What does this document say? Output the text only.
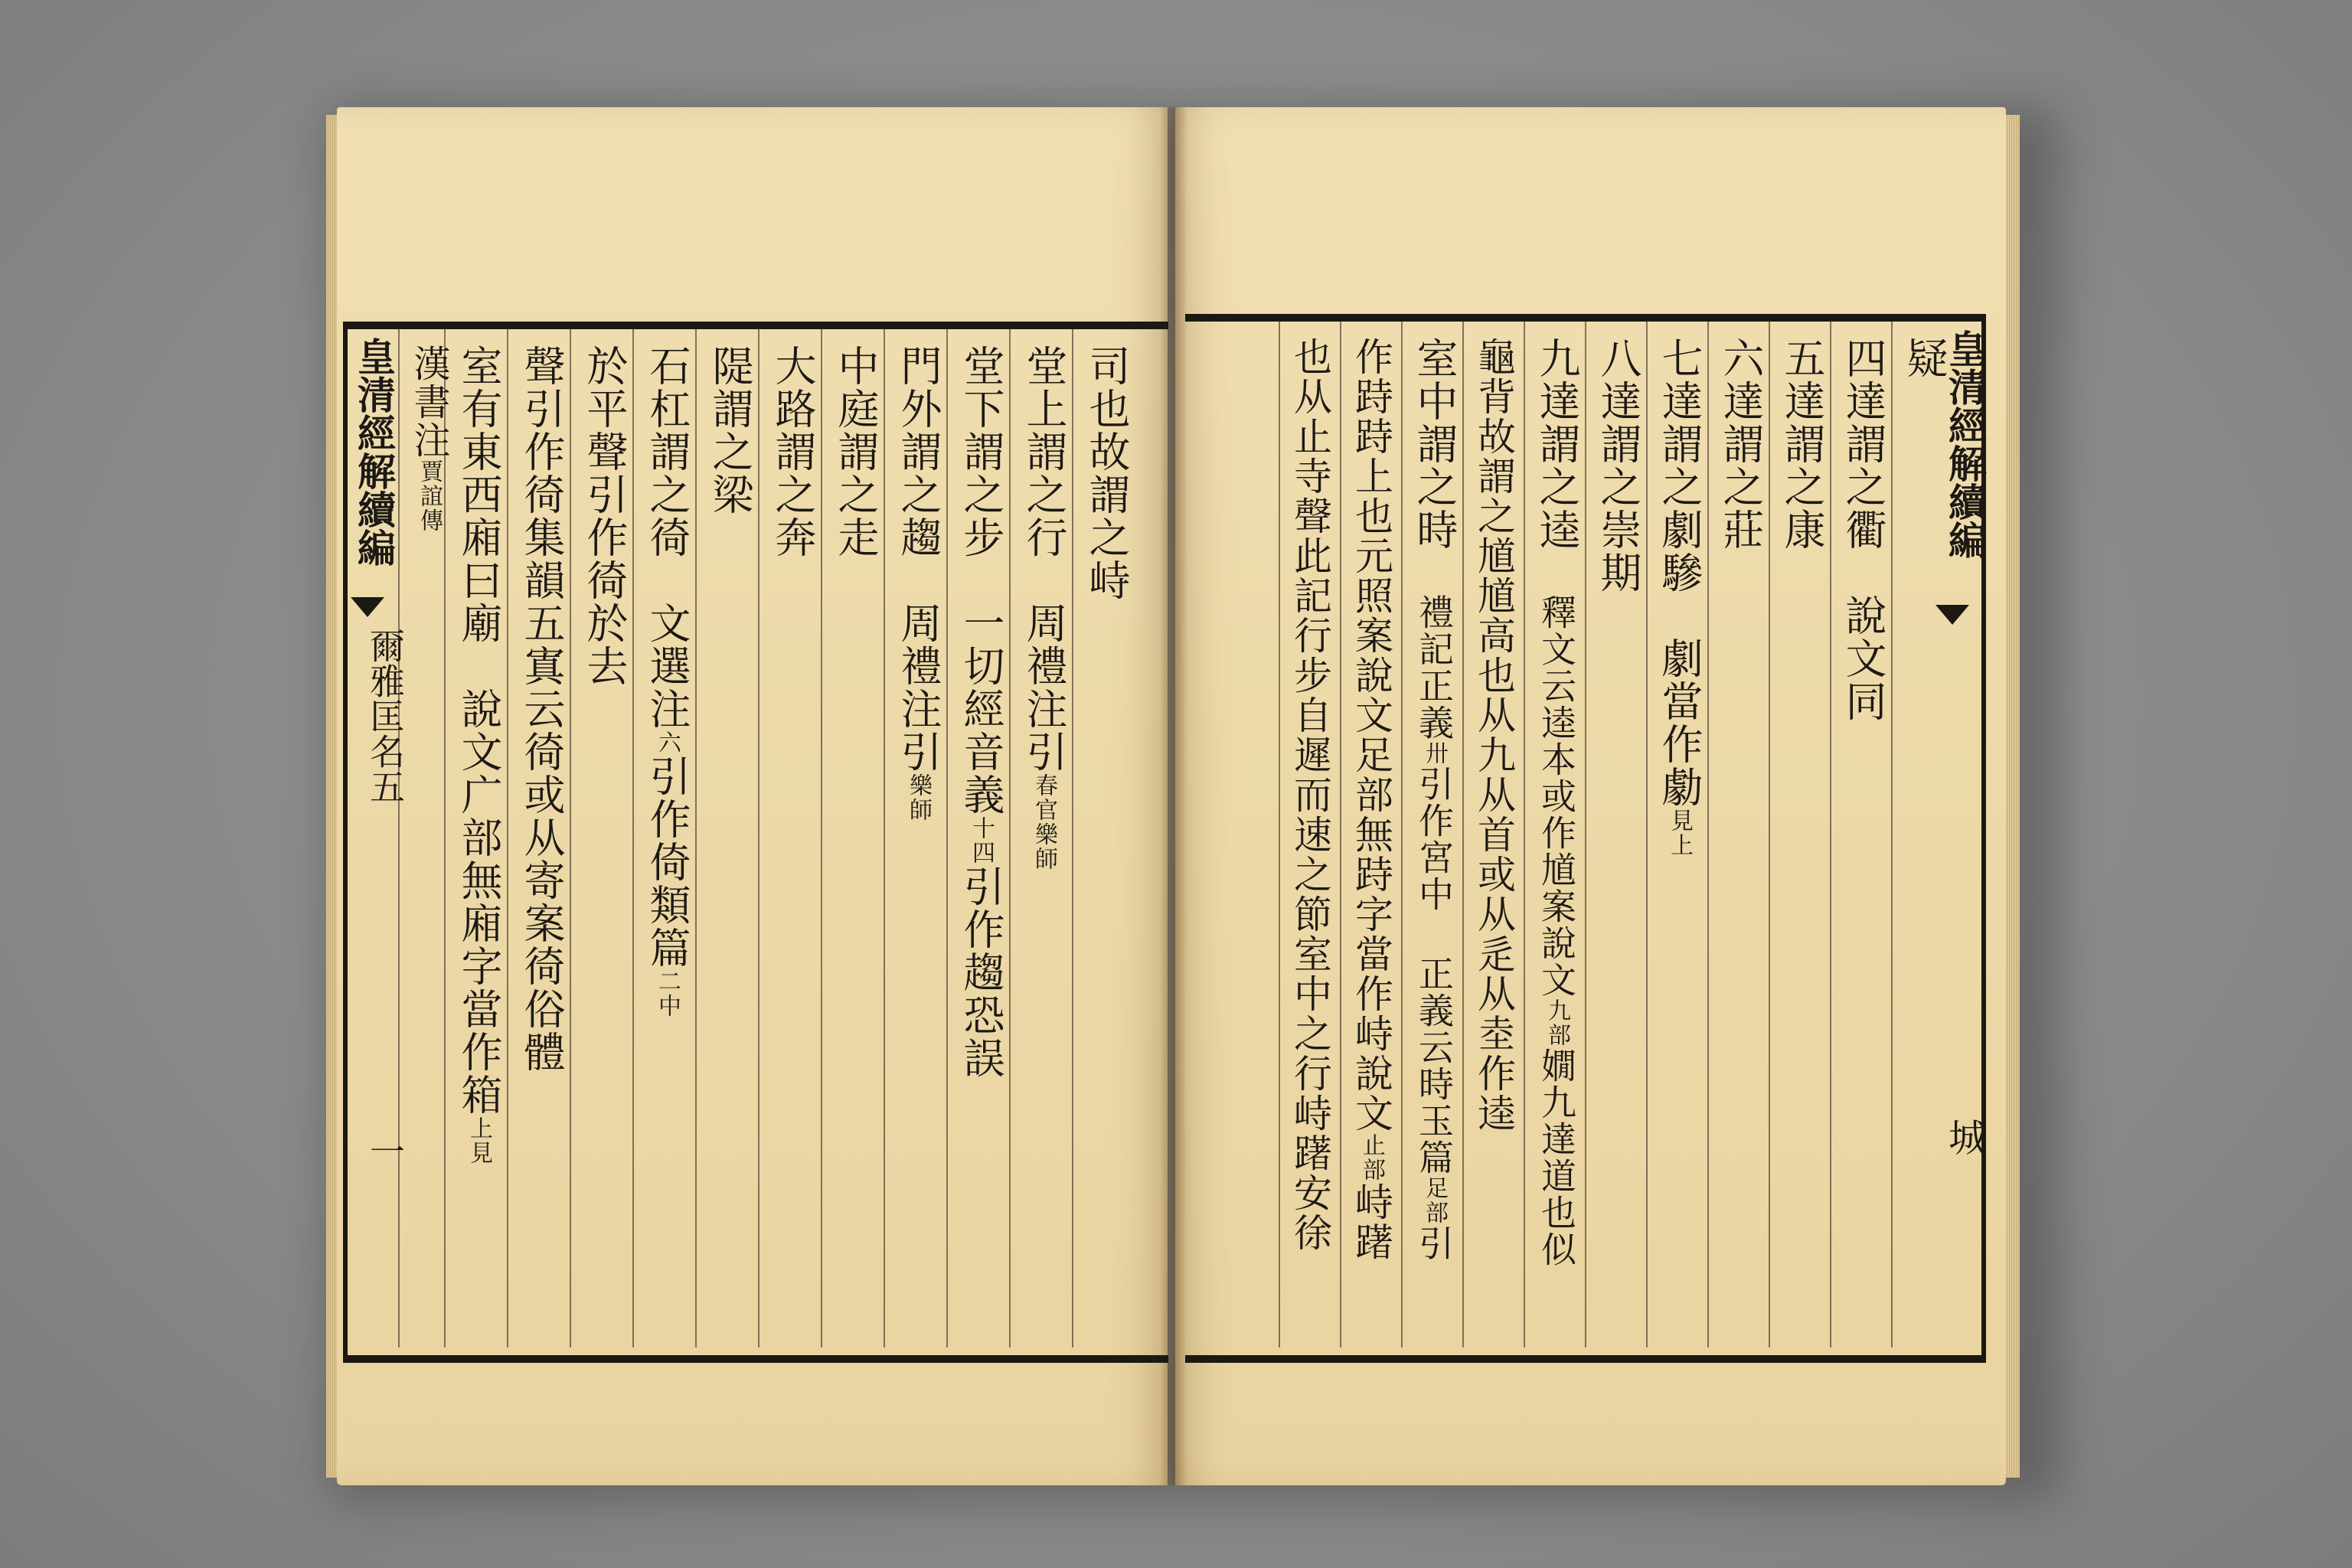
司也故謂之峙
堂上謂之行　周禮注引春官樂師
堂下謂之步　一切經音義十四引作趨恐誤
門外謂之趨　周禮注引樂師
中庭謂之走
大路謂之奔
隄謂之梁
石杠謂之徛　文選注六引作倚類篇二中
於平聲引作徛於去
聲引作徛集韻五寘云徛或从寄案徛俗體
室有東西廂曰廟　說文广部無廂字當作箱上見
漢書注賈誼傳
皇清經解續編
爾雅匡名五
一
皇清經解續編
城
疑
四達謂之衢　說文同
五達謂之康
六達謂之莊
七達謂之劇驂　劇當作勮見上
八達謂之崇期
九達謂之逵　釋文云逵本或作馗案說文九部嫺九達道也似
龜背故謂之馗馗高也从九从首或从辵从坴作逵
室中謂之時　禮記正義卅引作宮中　正義云時玉篇足部引
作跱跱上也元照案說文足部無跱字當作峙說文止部峙躇
也从止寺聲此記行步自遲而速之節室中之行峙躇安徐
